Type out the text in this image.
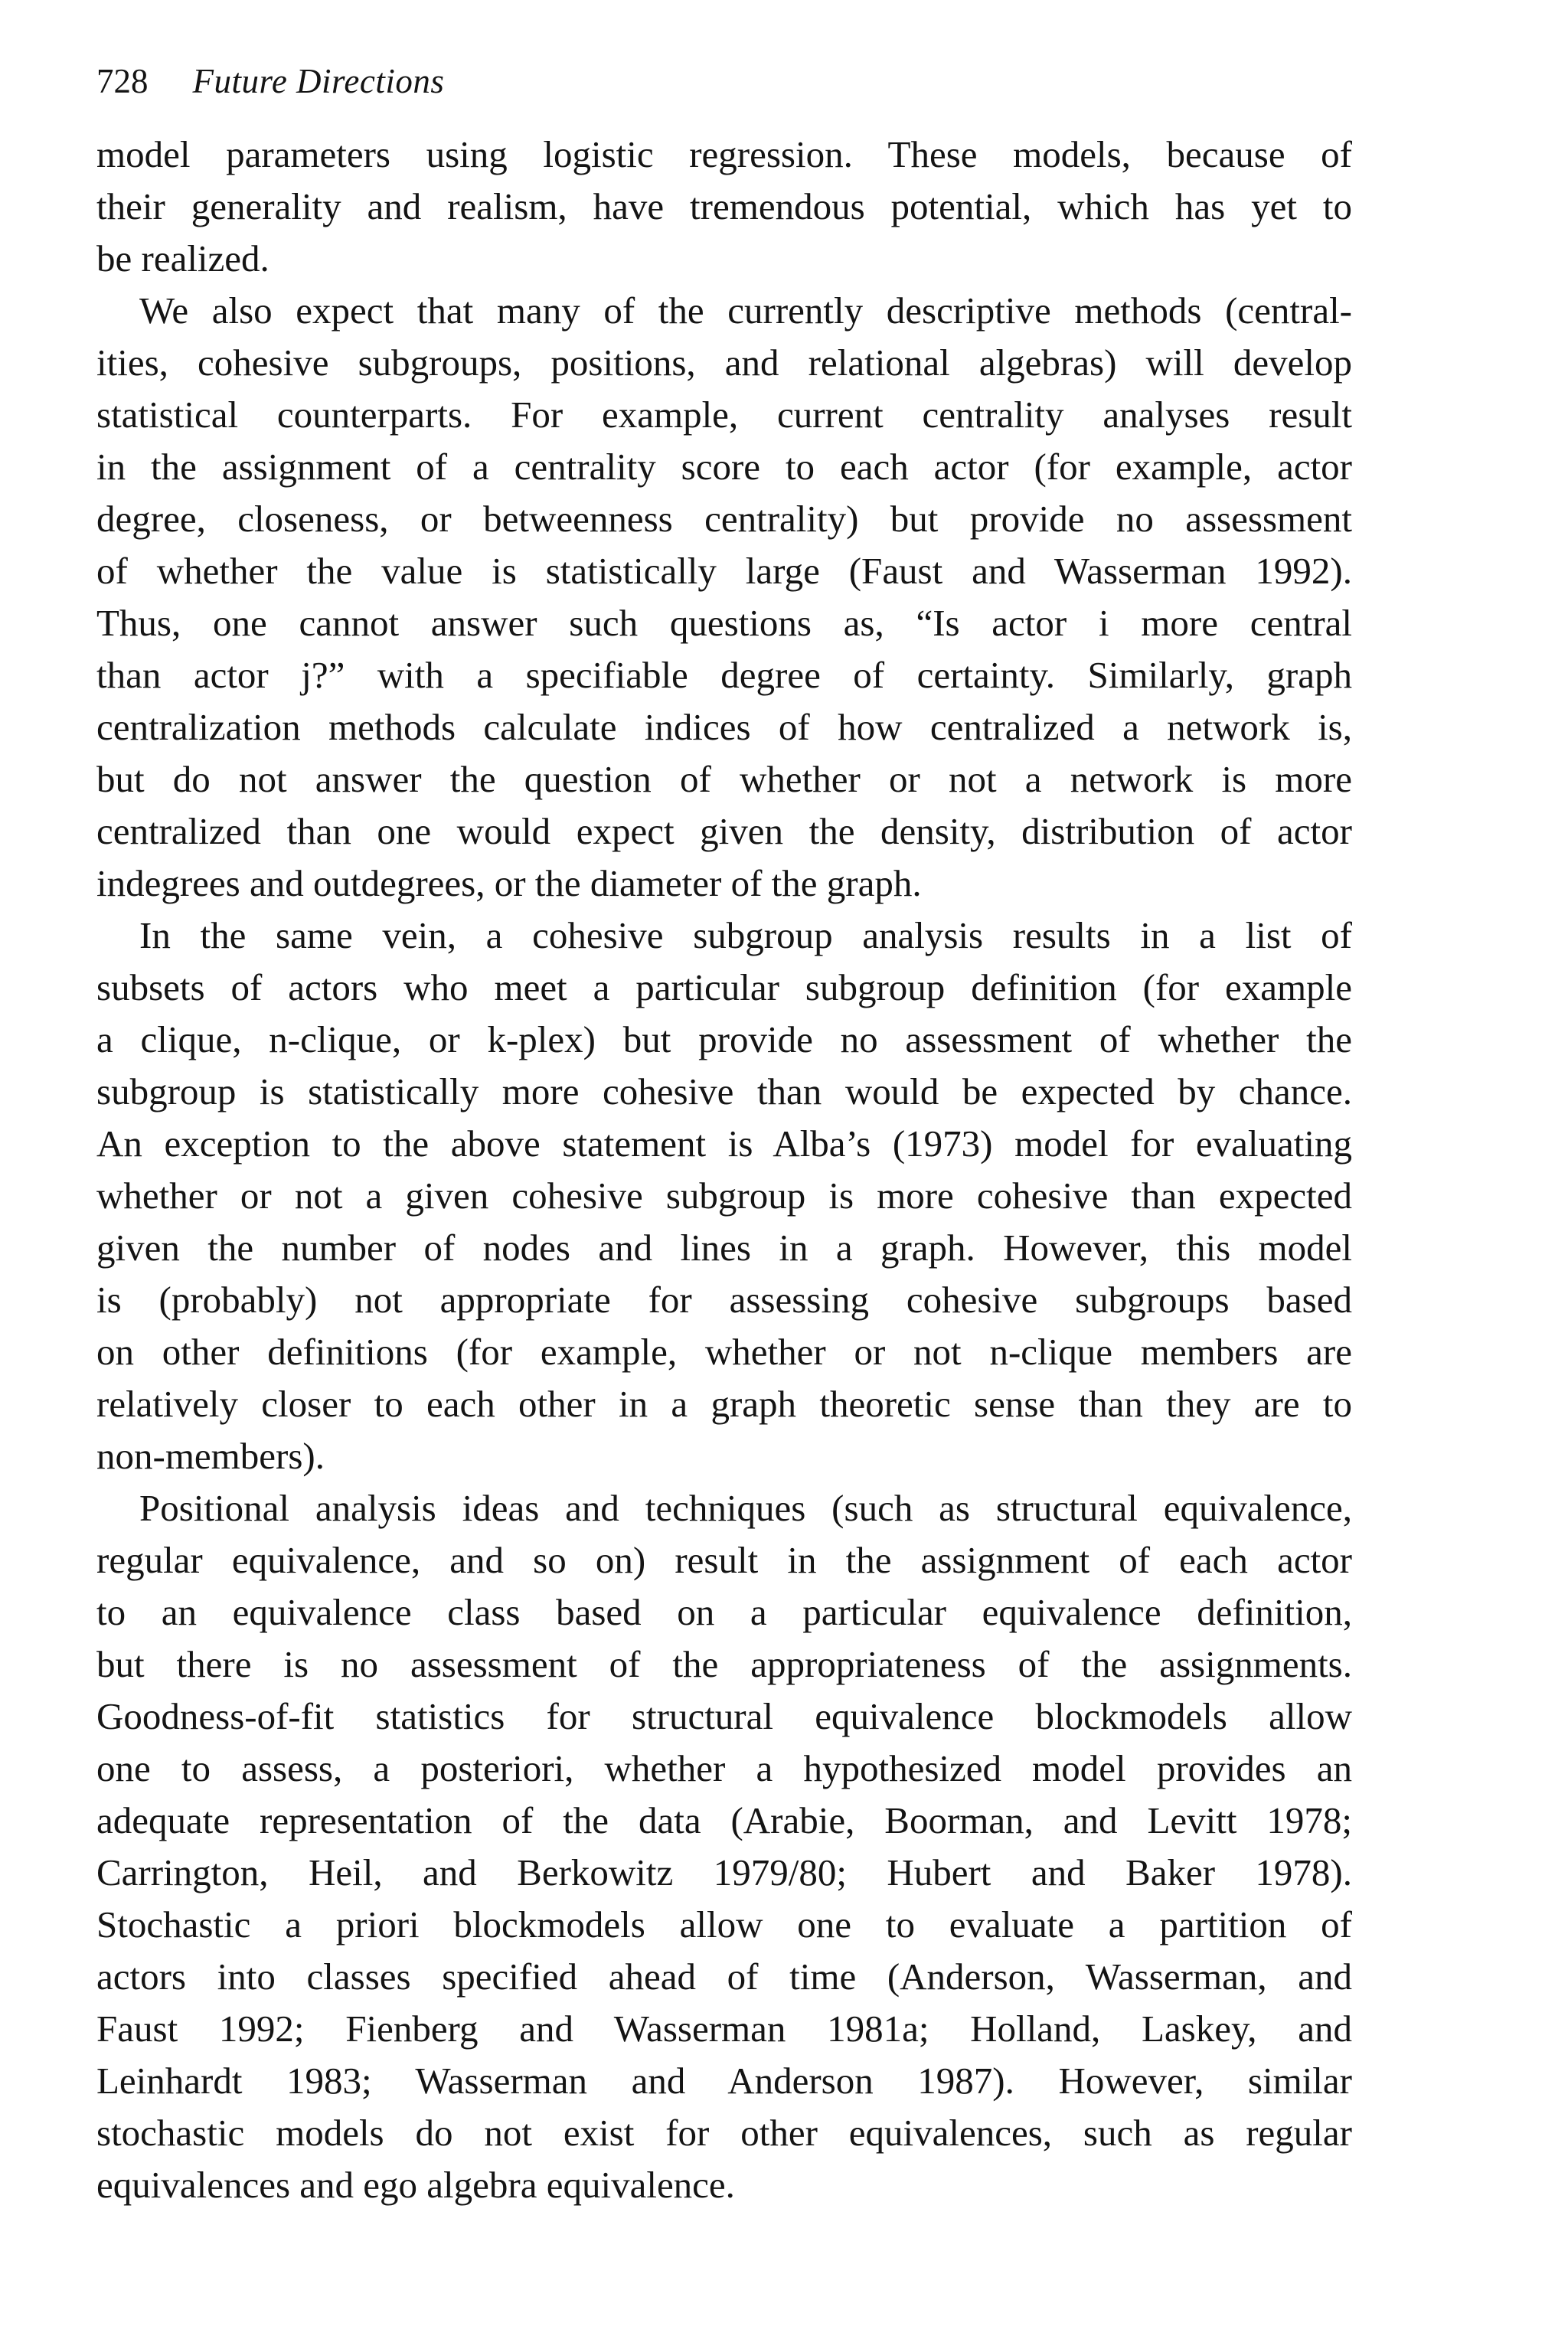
728 Future Directions
model parameters using logistic regression. These models, because of
their generality and realism, have tremendous potential, which has yet to
be realized.
We also expect that many of the currently descriptive methods (central-
ities, cohesive subgroups, positions, and relational algebras) will develop
statistical counterparts. For example, current centrality analyses result
in the assignment of a centrality score to each actor (for example, actor
degree, closeness, or betweenness centrality) but provide no assessment
of whether the value is statistically large (Faust and Wasserman 1992).
Thus, one cannot answer such questions as, “Is actor i more central
than actor j?” with a specifiable degree of certainty. Similarly, graph
centralization methods calculate indices of how centralized a network is,
but do not answer the question of whether or not a network is more
centralized than one would expect given the density, distribution of actor
indegrees and outdegrees, or the diameter of the graph.
In the same vein, a cohesive subgroup analysis results in a list of
subsets of actors who meet a particular subgroup definition (for example
a clique, n-clique, or k-plex) but provide no assessment of whether the
subgroup is statistically more cohesive than would be expected by chance.
An exception to the above statement is Alba’s (1973) model for evaluating
whether or not a given cohesive subgroup is more cohesive than expected
given the number of nodes and lines in a graph. However, this model
is (probably) not appropriate for assessing cohesive subgroups based
on other definitions (for example, whether or not n-clique members are
relatively closer to each other in a graph theoretic sense than they are to
non-members).
Positional analysis ideas and techniques (such as structural equivalence,
regular equivalence, and so on) result in the assignment of each actor
to an equivalence class based on a particular equivalence definition,
but there is no assessment of the appropriateness of the assignments.
Goodness-of-fit statistics for structural equivalence blockmodels allow
one to assess, a posteriori, whether a hypothesized model provides an
adequate representation of the data (Arabie, Boorman, and Levitt 1978;
Carrington, Heil, and Berkowitz 1979/80; Hubert and Baker 1978).
Stochastic a priori blockmodels allow one to evaluate a partition of
actors into classes specified ahead of time (Anderson, Wasserman, and
Faust 1992; Fienberg and Wasserman 1981a; Holland, Laskey, and
Leinhardt 1983; Wasserman and Anderson 1987). However, similar
stochastic models do not exist for other equivalences, such as regular
equivalences and ego algebra equivalence.
